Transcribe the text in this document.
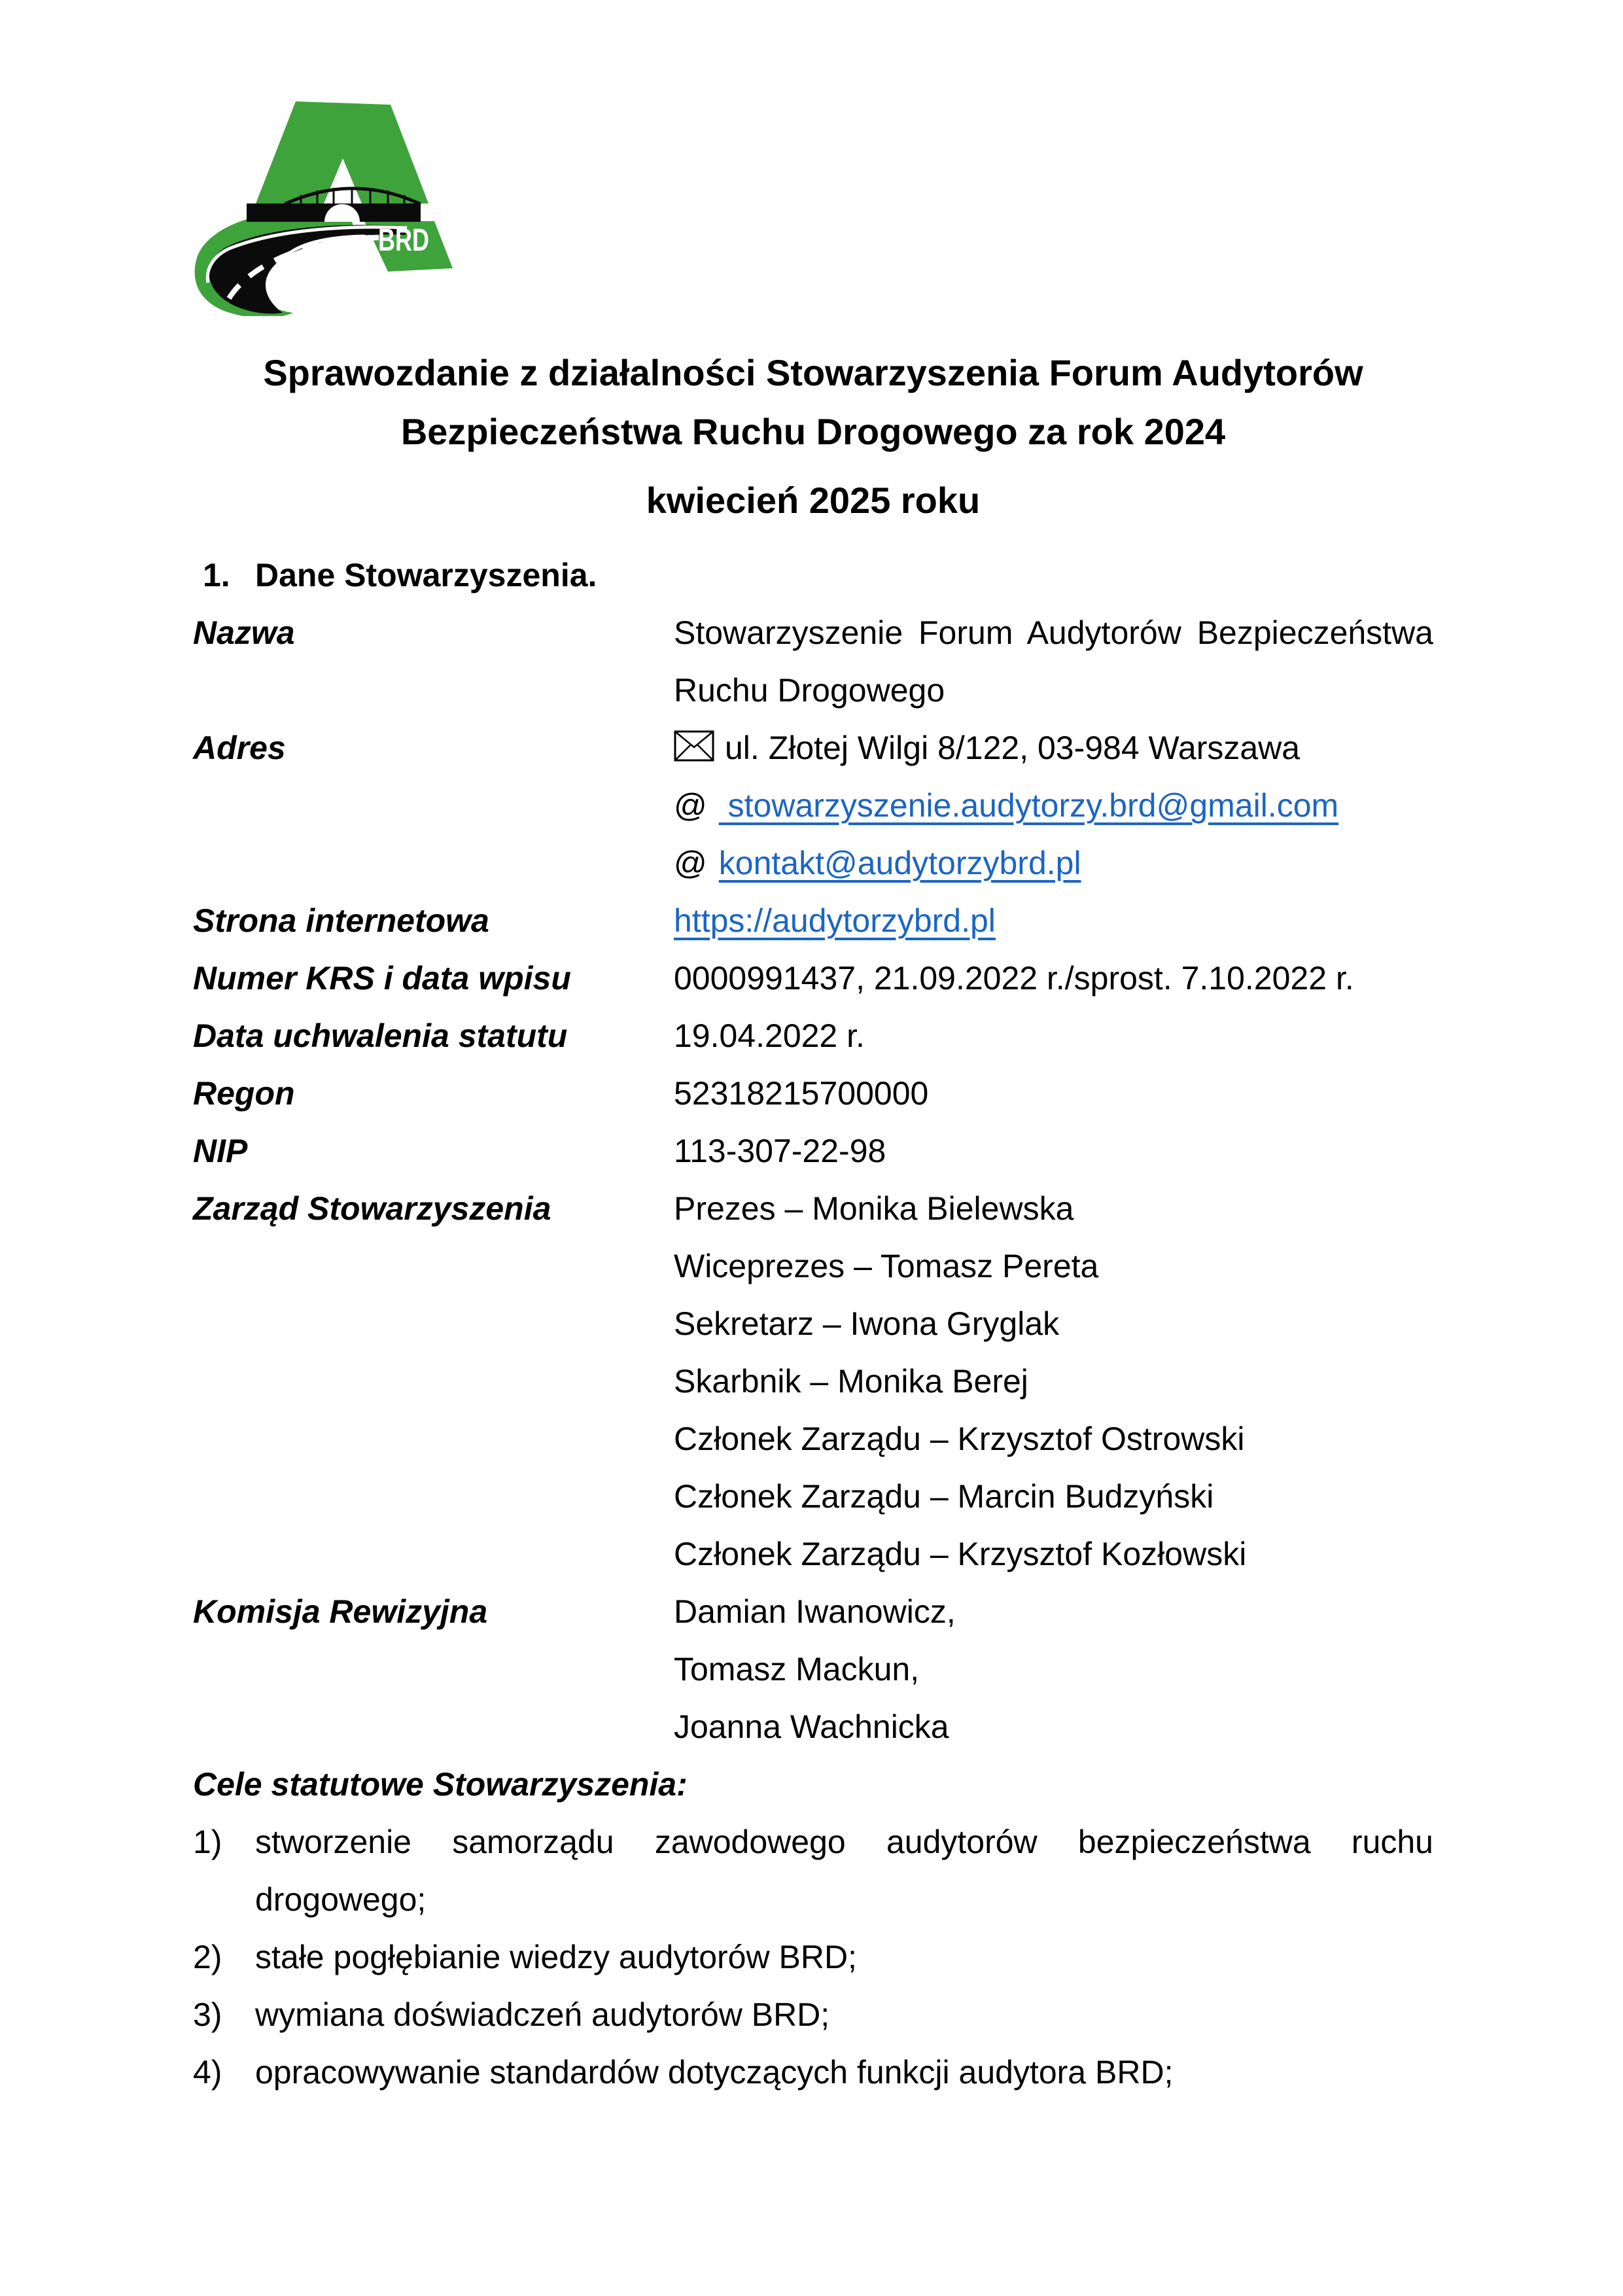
BRD
Sprawozdanie z działalności Stowarzyszenia Forum Audytorów
Bezpieczeństwa Ruchu Drogowego za rok 2024
kwiecień 2025 roku
1. Dane Stowarzyszenia.
Nazwa	Stowarzyszenie Forum Audytorów Bezpieczeństwa
Ruchu Drogowego
Adres	ul. Złotej Wilgi 8/122, 03-984 Warszawa
@ stowarzyszenie.audytorzy.brd@gmail.com
@ kontakt@audytorzybrd.pl
Strona internetowa	https://audytorzybrd.pl
Numer KRS i data wpisu	0000991437, 21.09.2022 r./sprost. 7.10.2022 r.
Data uchwalenia statutu	19.04.2022 r.
Regon	52318215700000
NIP	113-307-22-98
Zarząd Stowarzyszenia	Prezes – Monika Bielewska
Wiceprezes – Tomasz Pereta
Sekretarz – Iwona Gryglak
Skarbnik – Monika Berej
Członek Zarządu – Krzysztof Ostrowski
Członek Zarządu – Marcin Budzyński
Członek Zarządu – Krzysztof Kozłowski
Komisja Rewizyjna	Damian Iwanowicz,
Tomasz Mackun,
Joanna Wachnicka
Cele statutowe Stowarzyszenia:
1)	stworzenie samorządu zawodowego audytorów bezpieczeństwa ruchu
drogowego;
2)	stałe pogłębianie wiedzy audytorów BRD;
3)	wymiana doświadczeń audytorów BRD;
4)	opracowywanie standardów dotyczących funkcji audytora BRD;
